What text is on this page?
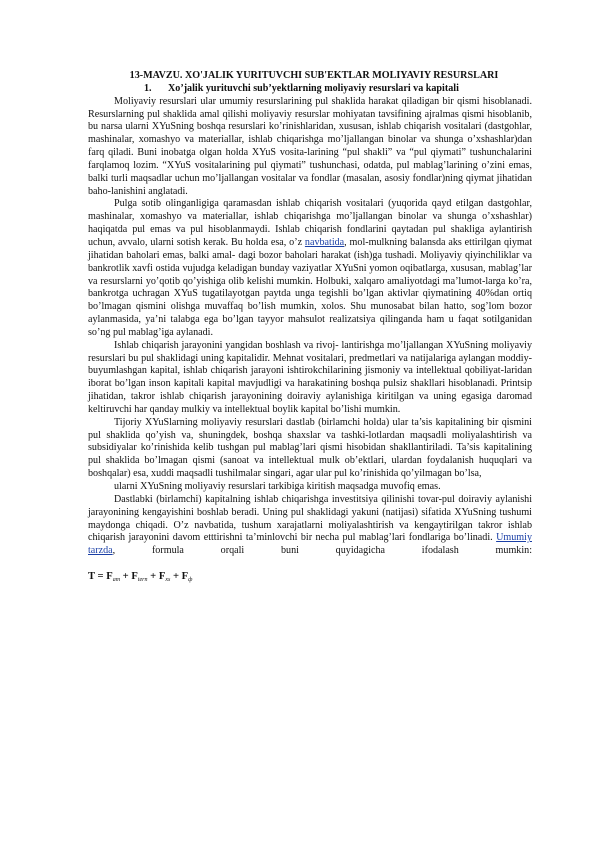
13-MAVZU. XO'JALIK YURITUVCHI SUB'EKTLAR MOLIYAVIY RESURSLARI

1. Xo’jalik yurituvchi sub’yektlarning moliyaviy resurslari va kapitali

Moliyaviy resurslari ular umumiy resurslarining pul shaklida harakat qiladigan bir qismi hisoblanadi. Resurslarning pul shaklida amal qilishi moliyaviy resurslar mohiyatan tavsifining ajralmas qismi hisoblanib, bu narsa ularni XYuSning boshqa resurslari ko’rinishlaridan, xususan, ishlab chiqarish vositalari (dastgohlar, mashinalar, xomashyo va materiallar, ishlab chiqarishga mo’ljallangan binolar va shunga o’xshashlar)dan farq qiladi. Buni inobatga olgan holda XYuS vosita-larining “pul shakli” va “pul qiymati” tushunchalarini farqlamoq lozim. “XYuS vositalarining pul qiymati” tushunchasi, odatda, pul mablag’larining o’zini emas, balki turli maqsadlar uchun mo’ljallangan vositalar va fondlar (masalan, asosiy fondlar)ning qiymat jihatidan baho-lanishini anglatadi.

Pulga sotib olinganligiga qaramasdan ishlab chiqarish vositalari (yuqorida qayd etilgan dastgohlar, mashinalar, xomashyo va materiallar, ishlab chiqarishga mo’ljallangan binolar va shunga o’xshashlar) haqiqatda pul emas va pul hisoblanmaydi. Ishlab chiqarish fondlarini qaytadan pul shakliga aylantirish uchun, avvalo, ularni sotish kerak. Bu holda esa, o’z navbatida, mol-mulkning balansda aks ettirilgan qiymat jihatidan baholari emas, balki amal- dagi bozor baholari harakat (ish)ga tushadi. Moliyaviy qiyinchiliklar va bankrotlik xavfi ostida vujudga keladigan bunday vaziyatlar XYuSni yomon oqibatlarga, xususan, mablag’lar va resurslarni yo’qotib qo’yishiga olib kelishi mumkin. Holbuki, xalqaro amaliyotdagi ma’lumot-larga ko’ra, bankrotga uchragan XYuS tugatilayotgan paytda unga tegishli bo’lgan aktivlar qiymatining 40%dan ortiq bo’lmagan qismini olishga muvaffaq bo’lish mumkin, xolos. Shu munosabat bilan hatto, sog’lom bozor aylanmasida, ya’ni talabga ega bo’lgan tayyor mahsulot realizatsiya qilinganda ham u faqat sotilganidan so’ng pul mablag’iga aylanadi.

Ishlab chiqarish jarayonini yangidan boshlash va rivoj- lantirishga mo’ljallangan XYuSning moliyaviy resurslari bu pul shaklidagi uning kapitalidir. Mehnat vositalari, predmetlari va natijalariga aylangan moddiy-buyumlashgan kapital, ishlab chiqarish jarayoni ishtirokchilarining jismoniy va intellektual qobiliyat-laridan iborat bo’lgan inson kapitali kapital mavjudligi va harakatining boshqa pulsiz shakllari hisoblanadi. Printsip jihatidan, takror ishlab chiqarish jarayonining doiraviy aylanishiga kiritilgan va uning egasiga daromad keltiruvchi har qanday mulkiy va intellektual boylik kapital bo’lishi mumkin.

Tijoriy XYuSlarning moliyaviy resurslari dastlab (birlamchi holda) ular ta’sis kapitalining bir qismini pul shaklida qo’yish va, shuningdek, boshqa shaxslar va tashki-lotlardan maqsadli moliyalashtirish va subsidiyalar ko’rinishida kelib tushgan pul mablag’lari qismi hisobidan shakllantiriladi. Ta’sis kapitalining pul shaklida bo’lmagan qismi (sanoat va intellektual mulk ob’ektlari, ulardan foydalanish huquqlari va boshqalar) esa, xuddi maqsadli tushilmalar singari, agar ular pul ko’rinishida qo’yilmagan bo’lsa,

ularni XYuSning moliyaviy resurslari tarkibiga kiritish maqsadga muvofiq emas.

Dastlabki (birlamchi) kapitalning ishlab chiqarishga investitsiya qilinishi tovar-pul doiraviy aylanishi jarayonining kengayishini boshlab beradi. Uning pul shaklidagi yakuni (natijasi) sifatida XYuSning tushumi maydonga chiqadi. O’z navbatida, tushum xarajatlarni moliyalashtirish va kengaytirilgan takror ishlab chiqarish jarayonini davom etttirishni ta’minlovchi bir necha pul mablag’lari fondlariga bo’linadi. Umumiy tarzda, formula orqali buni quyidagicha ifodalash mumkin:

$T = F_{am} + F_{tern} + F_{xs} + F_ф$
